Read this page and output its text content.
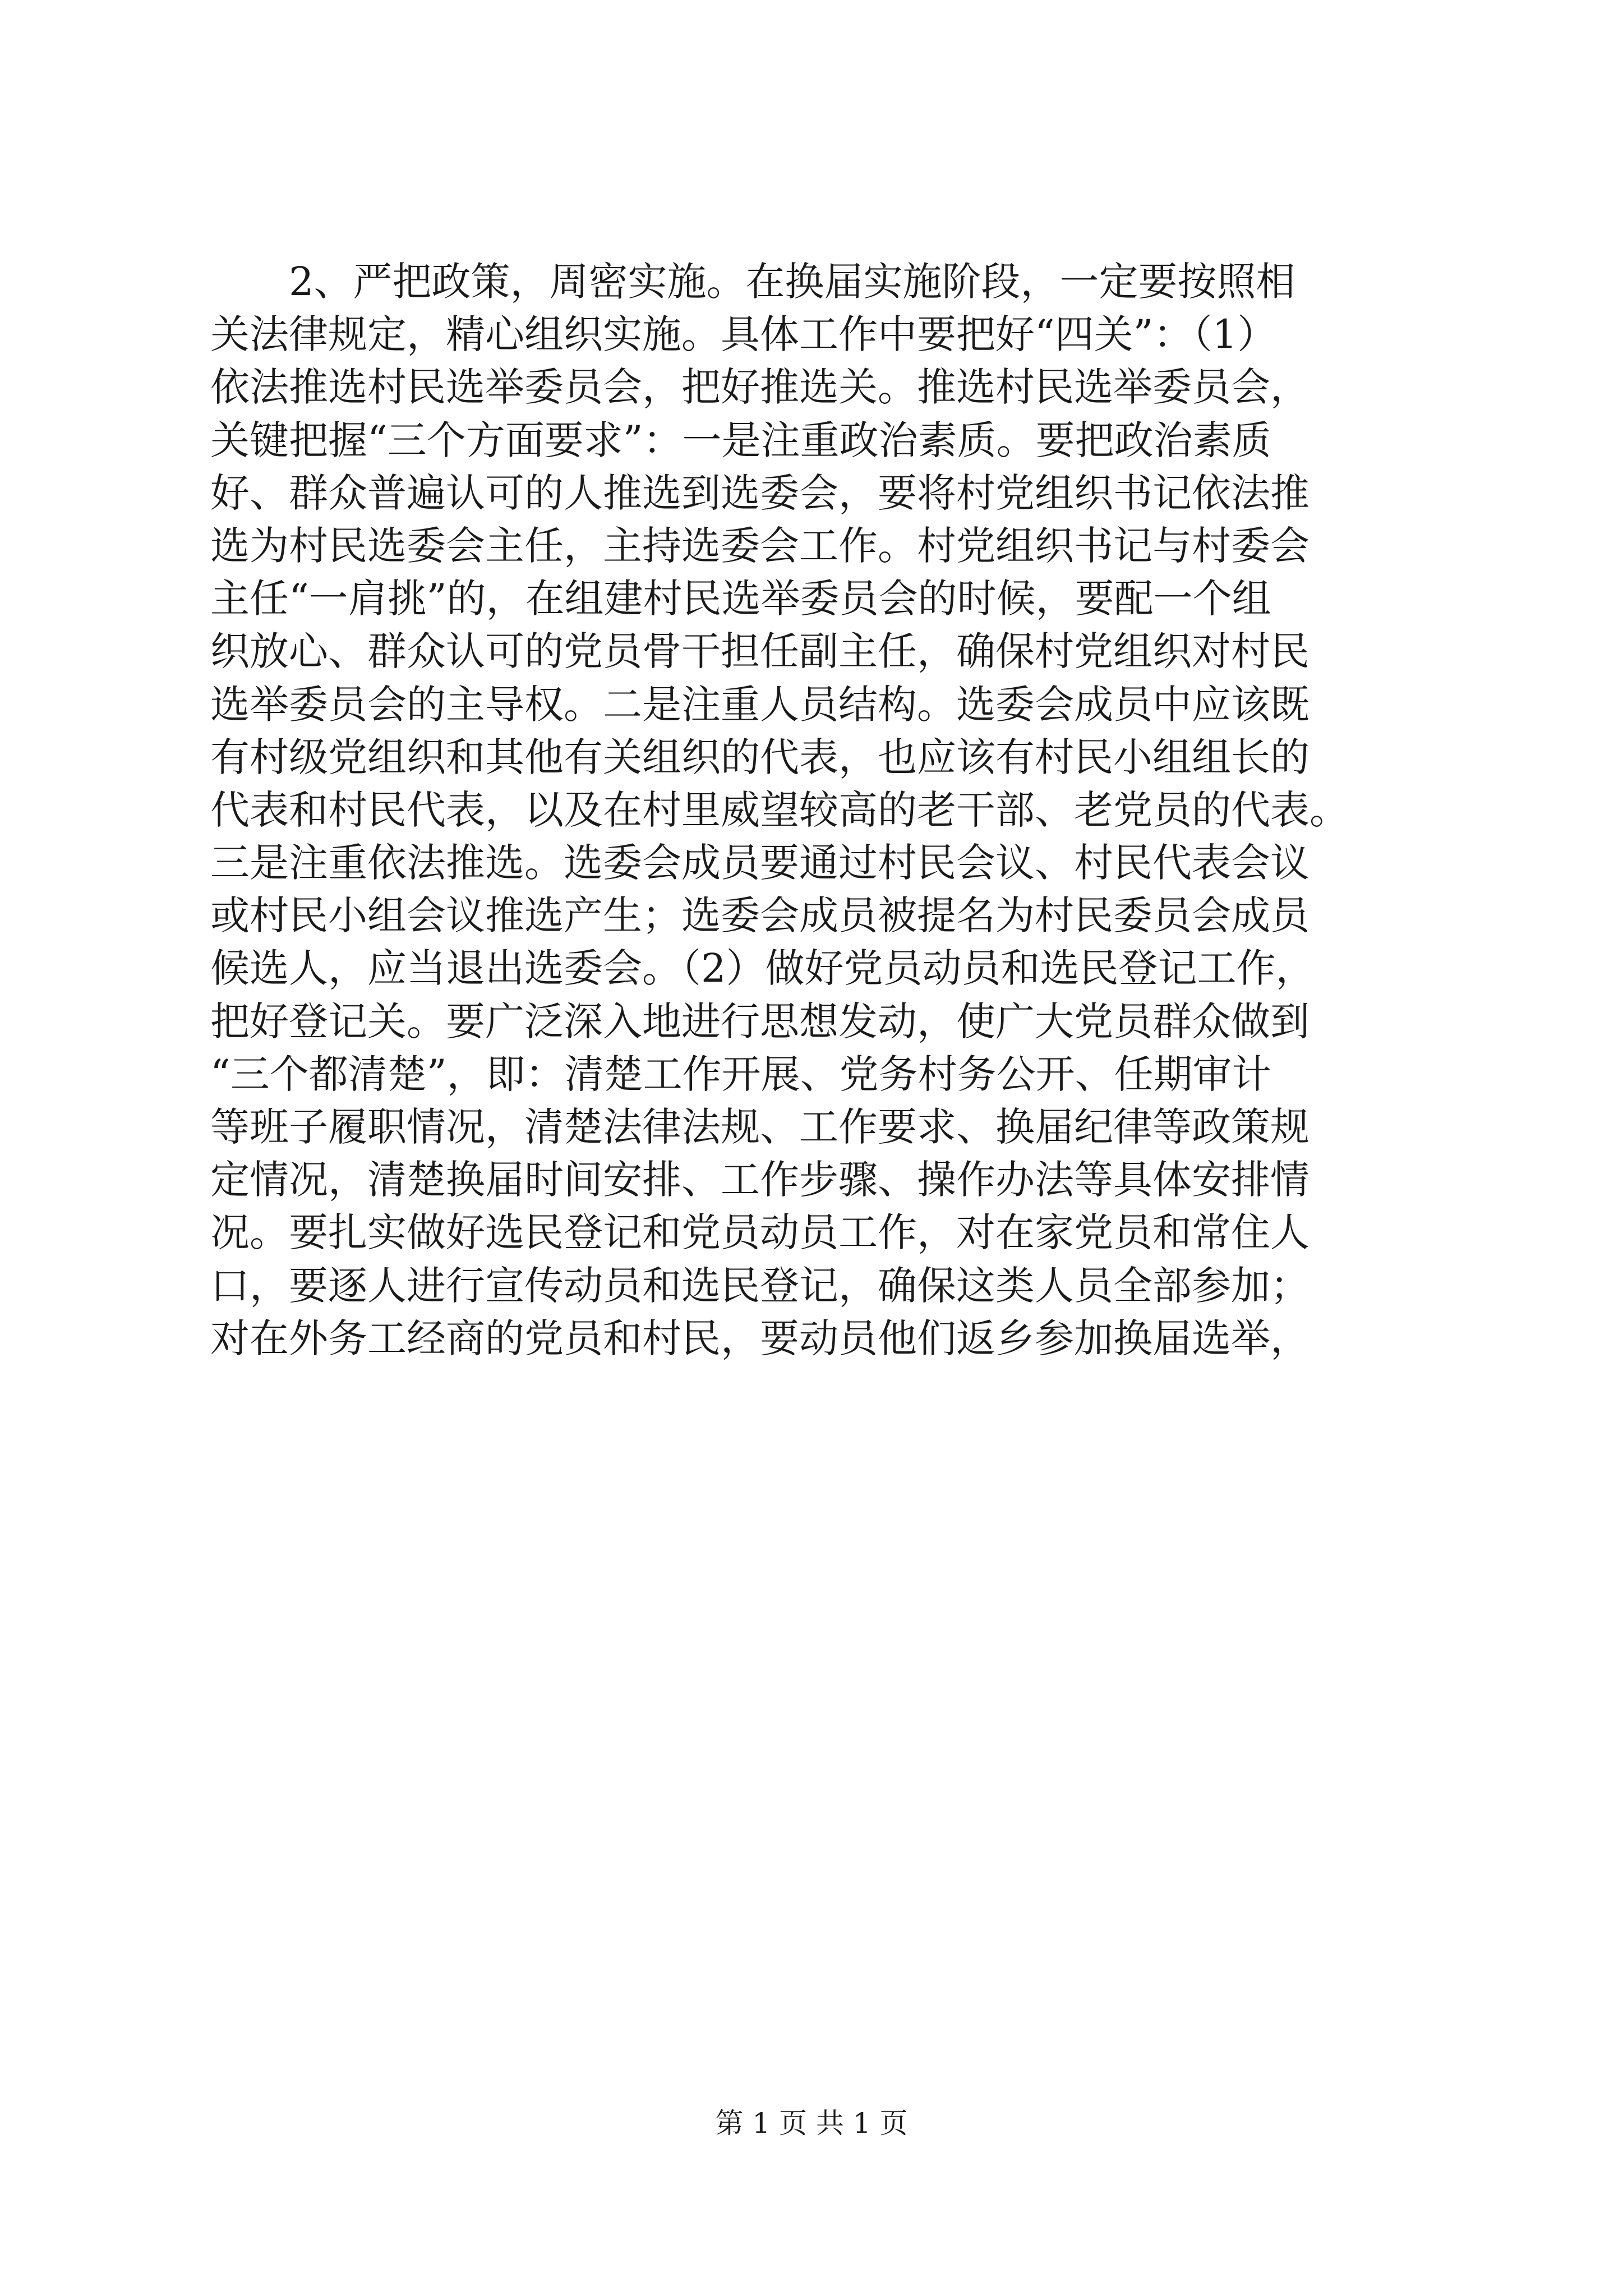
2、严把政策，周密实施。在换届实施阶段，一定要按照相
关法律规定，精心组织实施。具体工作中要把好“四关”：（1）
依法推选村民选举委员会，把好推选关。推选村民选举委员会，
关键把握“三个方面要求”：一是注重政治素质。要把政治素质
好、群众普遍认可的人推选到选委会，要将村党组织书记依法推
选为村民选委会主任，主持选委会工作。村党组织书记与村委会
主任“一肩挑”的，在组建村民选举委员会的时候，要配一个组
织放心、群众认可的党员骨干担任副主任，确保村党组织对村民
选举委员会的主导权。二是注重人员结构。选委会成员中应该既
有村级党组织和其他有关组织的代表，也应该有村民小组组长的
代表和村民代表，以及在村里威望较高的老干部、老党员的代表。
三是注重依法推选。选委会成员要通过村民会议、村民代表会议
或村民小组会议推选产生；选委会成员被提名为村民委员会成员
候选人，应当退出选委会。（2）做好党员动员和选民登记工作，
把好登记关。要广泛深入地进行思想发动，使广大党员群众做到
“三个都清楚”，即：清楚工作开展、党务村务公开、任期审计
等班子履职情况，清楚法律法规、工作要求、换届纪律等政策规
定情况，清楚换届时间安排、工作步骤、操作办法等具体安排情
况。要扎实做好选民登记和党员动员工作，对在家党员和常住人
口，要逐人进行宣传动员和选民登记，确保这类人员全部参加；
对在外务工经商的党员和村民，要动员他们返乡参加换届选举，
第 1 页 共 1 页
